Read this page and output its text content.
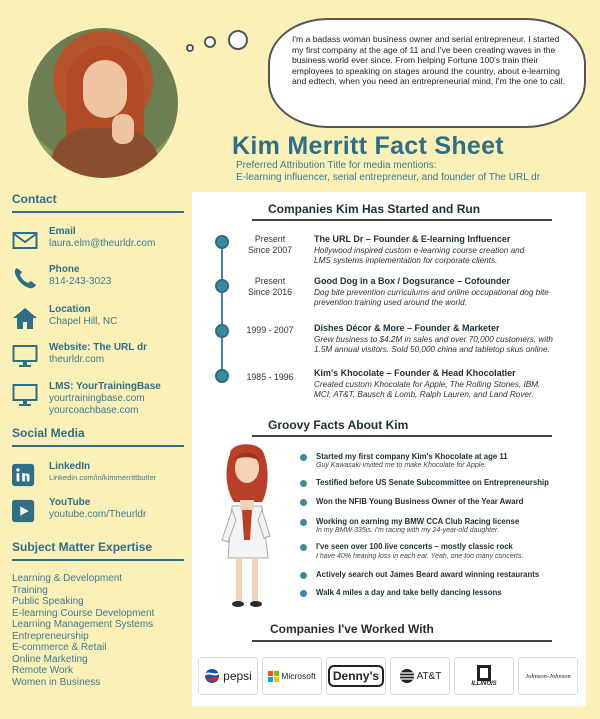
I'm a badass woman business owner and serial entrepreneur. I started my first company at the age of 11 and I've been creating waves in the business world ever since. From helping Fortune 100's train their employees to speaking on stages around the country, about e-learning and edtech, when you need an entrepreneurial mind, I'm the one to call.
Kim Merritt Fact Sheet
Preferred Attribution Title for media mentions:
E-learning influencer, serial entrepreneur, and founder of The URL dr
Contact
Email
laura.elm@theurldr.com
Phone
814-243-3023
Location
Chapel Hill, NC
Website: The URL dr
theurldr.com
LMS: YourTrainingBase
yourtrainingbase.com
yourcoachbase.com
Social Media
LinkedIn
Linkedin.com/in/kimmerrittbutler
YouTube
youtube.com/Theurldr
Subject Matter Expertise
Learning & Development
Training
Public Speaking
E-learning Course Development
Learning Management Systems
Entrepreneurship
E-commerce & Retail
Online Marketing
Remote Work
Women in Business
Companies Kim Has Started and Run
Present
Since 2007
The URL Dr – Founder & E-learning Influencer
Hollywood inspired custom e-learning course creation and
LMS systems implementation for corporate clients.
Present
Since 2016
Good Dog in a Box / Dogsurance – Cofounder
Dog bite prevention curriculums and online occupational dog bite
prevention training used around the world.
1999 - 2007	Dishes Décor & More – Founder & Marketer
Grew business to $4.2M in sales and over 70,000 customers, with
1.5M annual visitors. Sold 50,000 china and tabletop skus online.
1985 - 1996	Kim's Khocolate – Founder & Head Khocolatier
Created custom Khocolate for Apple, The Rolling Stones, IBM,
MCI, AT&T, Bausch & Lomb, Ralph Lauren, and Land Rover.
Groovy Facts About Kim
Started my first company Kim's Khocolate at age 11
Guy Kawasaki invited me to make Khocolate for Apple.
Testified before US Senate Subcommittee on Entrepreneurship
Won the NFIB Young Business Owner of the Year Award
Working on earning my BMW CCA Club Racing license
In my BMW 335is. I'm racing with my 24-year-old daughter.
I've seen over 100 live concerts – mostly classic rock
I have 40% hearing loss in each ear. Yeah, one too many concerts.
Actively search out James Beard award winning restaurants
Walk 4 miles a day and take belly dancing lessons
Companies I've Worked With
pepsi	Microsoft	Denny's	AT&T
ILLINOIS
Johnson-Johnson
